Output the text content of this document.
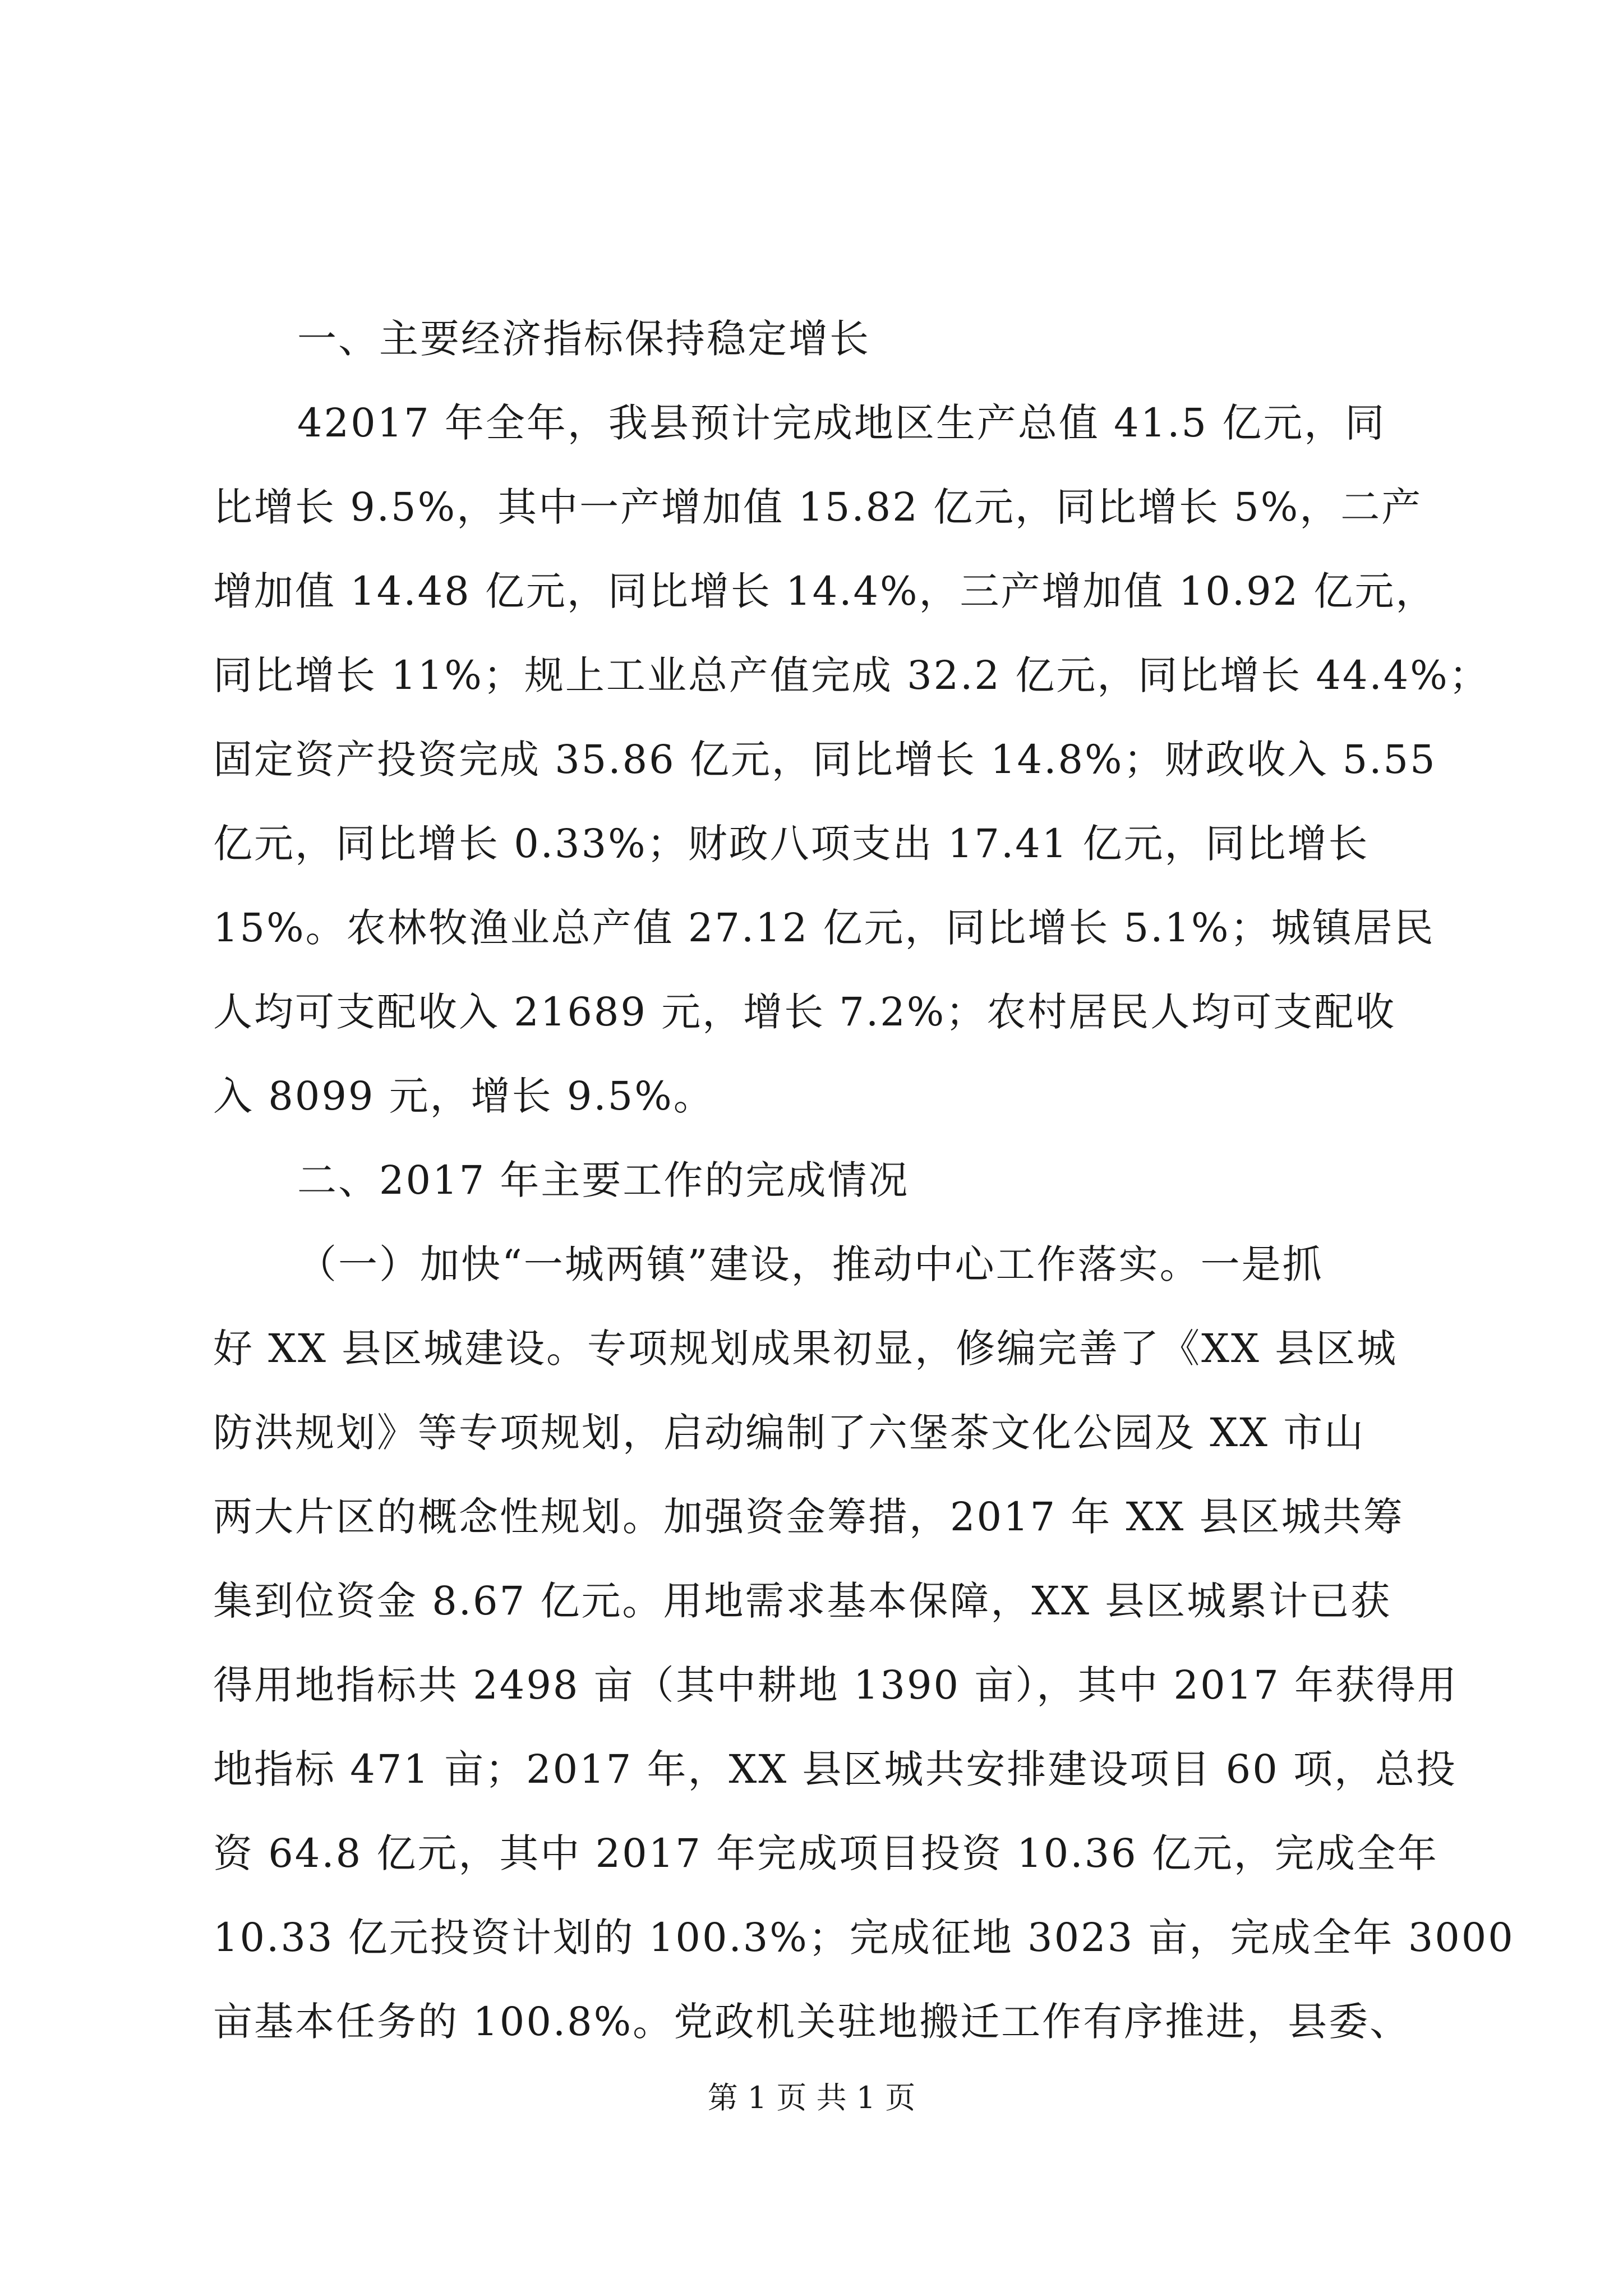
一、主要经济指标保持稳定增长
42017 年全年，我县预计完成地区生产总值 41.5 亿元，同
比增长 9.5%，其中一产增加值 15.82 亿元，同比增长 5%，二产
增加值 14.48 亿元，同比增长 14.4%，三产增加值 10.92 亿元，
同比增长 11%；规上工业总产值完成 32.2 亿元，同比增长 44.4%；
固定资产投资完成 35.86 亿元，同比增长 14.8%；财政收入 5.55
亿元，同比增长 0.33%；财政八项支出 17.41 亿元，同比增长
15%。农林牧渔业总产值 27.12 亿元，同比增长 5.1%；城镇居民
人均可支配收入 21689 元，增长 7.2%；农村居民人均可支配收
入 8099 元，增长 9.5%。
二、2017 年主要工作的完成情况
（一）加快“一城两镇”建设，推动中心工作落实。一是抓
好 XX 县区城建设。专项规划成果初显，修编完善了《XX 县区城
防洪规划》等专项规划，启动编制了六堡茶文化公园及 XX 市山
两大片区的概念性规划。加强资金筹措，2017 年 XX 县区城共筹
集到位资金 8.67 亿元。用地需求基本保障，XX 县区城累计已获
得用地指标共 2498 亩（其中耕地 1390 亩），其中 2017 年获得用
地指标 471 亩；2017 年，XX 县区城共安排建设项目 60 项，总投
资 64.8 亿元，其中 2017 年完成项目投资 10.36 亿元，完成全年
10.33 亿元投资计划的 100.3%；完成征地 3023 亩，完成全年 3000
亩基本任务的 100.8%。党政机关驻地搬迁工作有序推进，县委、
第 1 页 共 1 页
